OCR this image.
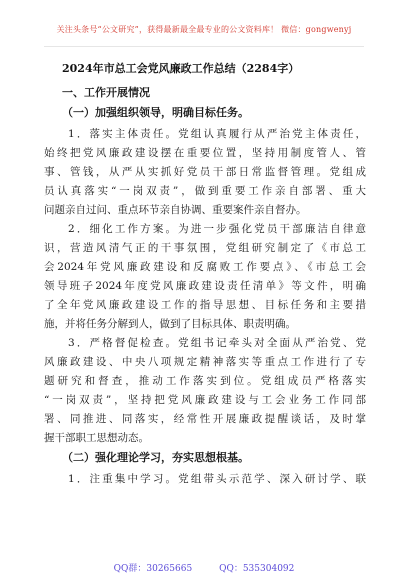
关注头条号“公文研究”，获得最新最全最专业的公文资料库！ 微信：gongwenyj
2024年市总工会党风廉政工作总结（2284字）
一、工作开展情况
（一）加强组织领导，明确目标任务。
1．落实主体责任。党组认真履行从严治党主体责任，
始终把党风廉政建设摆在重要位置，坚持用制度管人、管
事、管钱，从严从实抓好党员干部日常监督管理。党组成
员认真落实“一岗双责”，做到重要工作亲自部署、重大
问题亲自过问、重点环节亲自协调、重要案件亲自督办。
2．细化工作方案。为进一步强化党员干部廉洁自律意
识，营造风清气正的干事氛围，党组研究制定了《市总工
会2024年党风廉政建设和反腐败工作要点》、《市总工会
领导班子2024年度党风廉政建设责任清单》等文件，明确
了全年党风廉政建设工作的指导思想、目标任务和主要措
施，并将任务分解到人，做到了目标具体、职责明确。
3．严格督促检查。党组书记牵头对全面从严治党、党
风廉政建设、中央八项规定精神落实等重点工作进行了专
题研究和督查，推动工作落实到位。党组成员严格落实
“一岗双责”，坚持把党风廉政建设与工会业务工作同部
署、同推进、同落实，经常性开展廉政提醒谈话，及时掌
握干部职工思想动态。
（二）强化理论学习，夯实思想根基。
1．注重集中学习。党组带头示范学、深入研讨学、联
QQ群：30265665	QQ：535304092
